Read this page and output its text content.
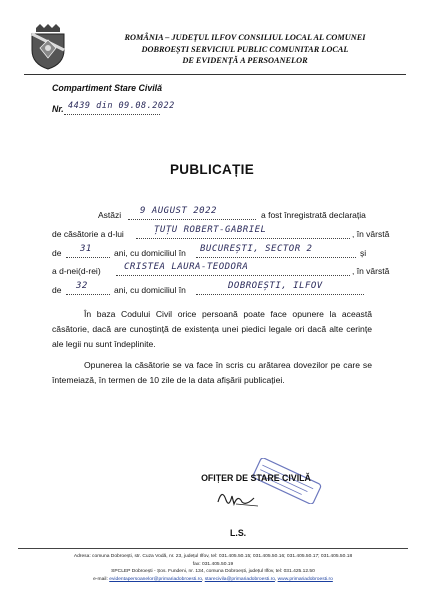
ROMÂNIA – JUDEȚUL ILFOV CONSILIUL LOCAL AL COMUNEI
DOBROEȘTI SERVICIUL PUBLIC COMUNITAR LOCAL
DE EVIDENȚĂ A PERSOANELOR
Compartiment Stare Civilă
Nr. 4439 din 09.08.2022
PUBLICAȚIE
Astăzi 9 AUGUST 2022	a fost înregistrată declarația
de căsătorie a d-lui	ȚUȚU ROBERT-GABRIEL	, în vârstă
de 31	ani, cu domiciliul în BUCUREȘTI, SECTOR 2	și
a d-nei(d-rei)	CRISTEA LAURA-TEODORA	, în vârstă
de 32	ani, cu domiciliul în	DOBROEȘTI, ILFOV
În baza Codului Civil orice persoană poate face opunere la această căsătorie, dacă are cunoștință de existența unei piedici legale ori dacă alte cerințe ale legii nu sunt îndeplinite.
Opunerea la căsătorie se va face în scris cu arătarea dovezilor pe care se întemeiază, în termen de 10 zile de la data afișării publicației.
OFIȚER DE STARE CIVILĂ
L.S.
Adresa: comuna Dobroești, str. Cuza Vodă, nr. 23, județul Ilfov, tel: 031.405.50.15; 031.405.50.16; 031.405.50.17; 031.405.50.18
fax: 031.405.50.19
SPCLEP Dobroești - Șos. Fundeni, nr. 134, comuna Dobroești, județul Ilfov, tel: 031.425.12.50
e-mail: evidentapersoanelor@primariadobroesti.ro, starecivila@primariadobroesti.ro, www.primariadobroesti.ro
